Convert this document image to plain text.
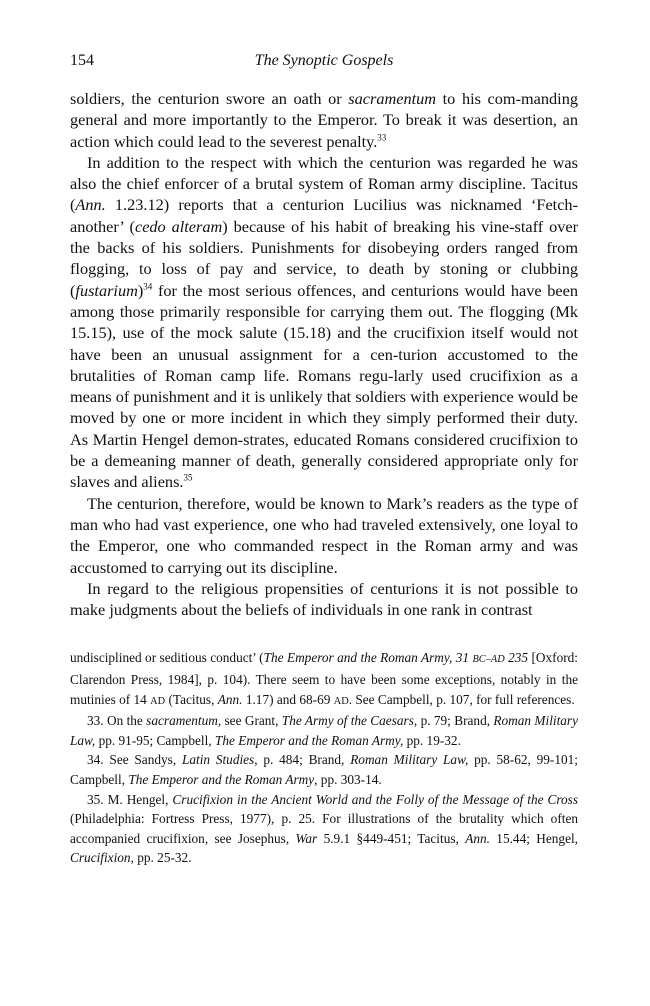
154	The Synoptic Gospels

soldiers, the centurion swore an oath or sacramentum to his com-manding general and more importantly to the Emperor. To break it was desertion, an action which could lead to the severest penalty.$^{33}$

In addition to the respect with which the centurion was regarded he was also the chief enforcer of a brutal system of Roman army discipline. Tacitus (Ann. 1.23.12) reports that a centurion Lucilius was nicknamed ‘Fetch-another’ (cedo alteram) because of his habit of breaking his vine-staff over the backs of his soldiers. Punishments for disobeying orders ranged from flogging, to loss of pay and service, to death by stoning or clubbing (fustarium)$^{34}$ for the most serious offences, and centurions would have been among those primarily responsible for carrying them out. The flogging (Mk 15.15), use of the mock salute (15.18) and the crucifixion itself would not have been an unusual assignment for a cen-turion accustomed to the brutalities of Roman camp life. Romans regu-larly used crucifixion as a means of punishment and it is unlikely that soldiers with experience would be moved by one or more incident in which they simply performed their duty. As Martin Hengel demon-strates, educated Romans considered crucifixion to be a demeaning manner of death, generally considered appropriate only for slaves and aliens.$^{35}$

The centurion, therefore, would be known to Mark’s readers as the type of man who had vast experience, one who had traveled extensively, one loyal to the Emperor, one who commanded respect in the Roman army and was accustomed to carrying out its discipline.

In regard to the religious propensities of centurions it is not possible to make judgments about the beliefs of individuals in one rank in contrast

undisciplined or seditious conduct’ (The Emperor and the Roman Army, 31 BC–AD 235 [Oxford: Clarendon Press, 1984], p. 104). There seem to have been some exceptions, notably in the mutinies of 14 AD (Tacitus, Ann. 1.17) and 68-69 AD. See Campbell, p. 107, for full references.

33. On the sacramentum, see Grant, The Army of the Caesars, p. 79; Brand, Roman Military Law, pp. 91-95; Campbell, The Emperor and the Roman Army, pp. 19-32.

34. See Sandys, Latin Studies, p. 484; Brand, Roman Military Law, pp. 58-62, 99-101; Campbell, The Emperor and the Roman Army, pp. 303-14.

35. M. Hengel, Crucifixion in the Ancient World and the Folly of the Message of the Cross (Philadelphia: Fortress Press, 1977), p. 25. For illustrations of the brutality which often accompanied crucifixion, see Josephus, War 5.9.1 §449-451; Tacitus, Ann. 15.44; Hengel, Crucifixion, pp. 25-32.
